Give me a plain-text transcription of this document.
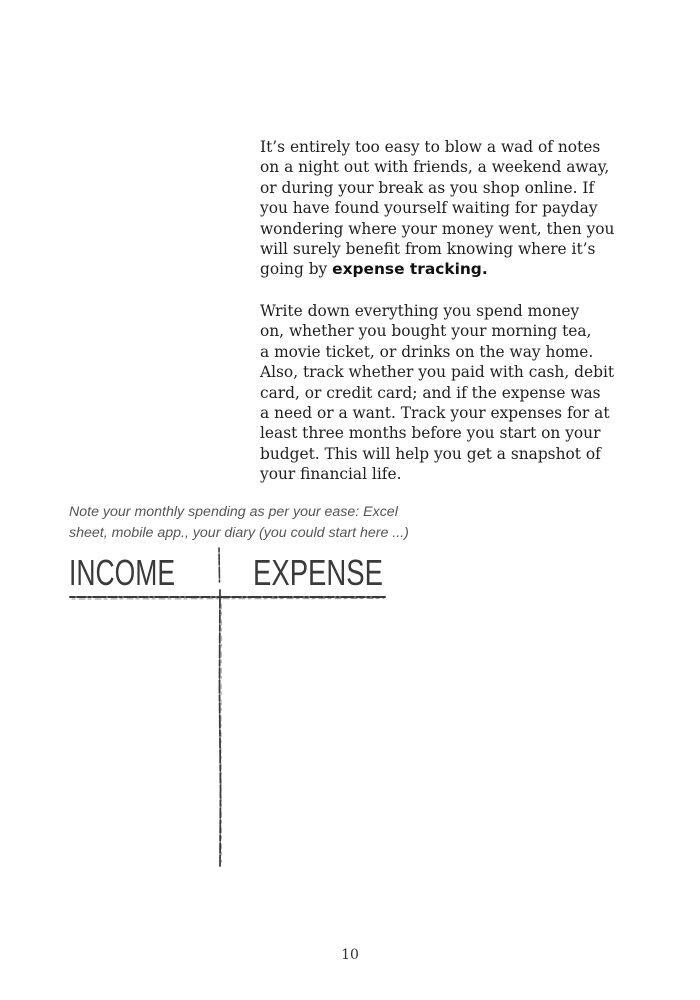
It’s entirely too easy to blow a wad of notes
on a night out with friends, a weekend away,
or during your break as you shop online. If
you have found yourself waiting for payday
wondering where your money went, then you
will surely benefit from knowing where it’s
going by expense tracking.
Write down everything you spend money
on, whether you bought your morning tea,
a movie ticket, or drinks on the way home.
Also, track whether you paid with cash, debit
card, or credit card; and if the expense was
a need or a want. Track your expenses for at
least three months before you start on your
budget. This will help you get a snapshot of
your financial life.
Note your monthly spending as per your ease: Excel
sheet, mobile app., your diary (you could start here ...)
INCOME EXPENSE
10
